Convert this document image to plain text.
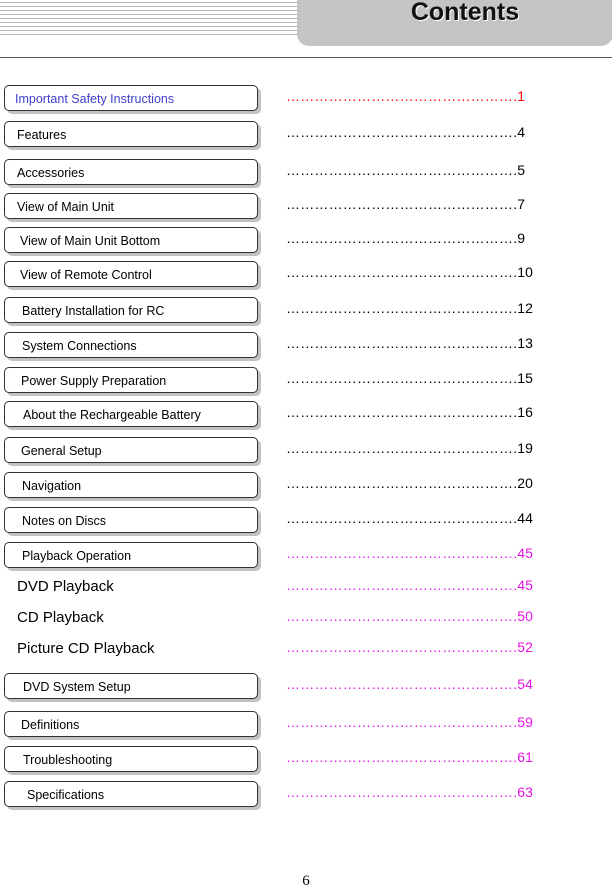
Contents
Important Safety Instructions	………………………………………….1
Features	………………………………………….4
Accessories	………………………………………….5
View of Main Unit	………………………………………….7
View of Main Unit Bottom	………………………………………….9
View of Remote Control	………………………………………….10
Battery Installation for RC	………………………………………….12
System Connections	………………………………………….13
Power Supply Preparation	………………………………………….15
About the Rechargeable Battery	………………………………………….16
General Setup	………………………………………….19
Navigation	………………………………………….20
Notes on Discs	………………………………………….44
Playback Operation	………………………………………….45
DVD Playback	………………………………………….45
CD Playback	………………………………………….50
Picture CD Playback	………………………………………….52
DVD System Setup	………………………………………….54
Definitions	………………………………………….59
Troubleshooting	………………………………………….61
Specifications	………………………………………….63
6
